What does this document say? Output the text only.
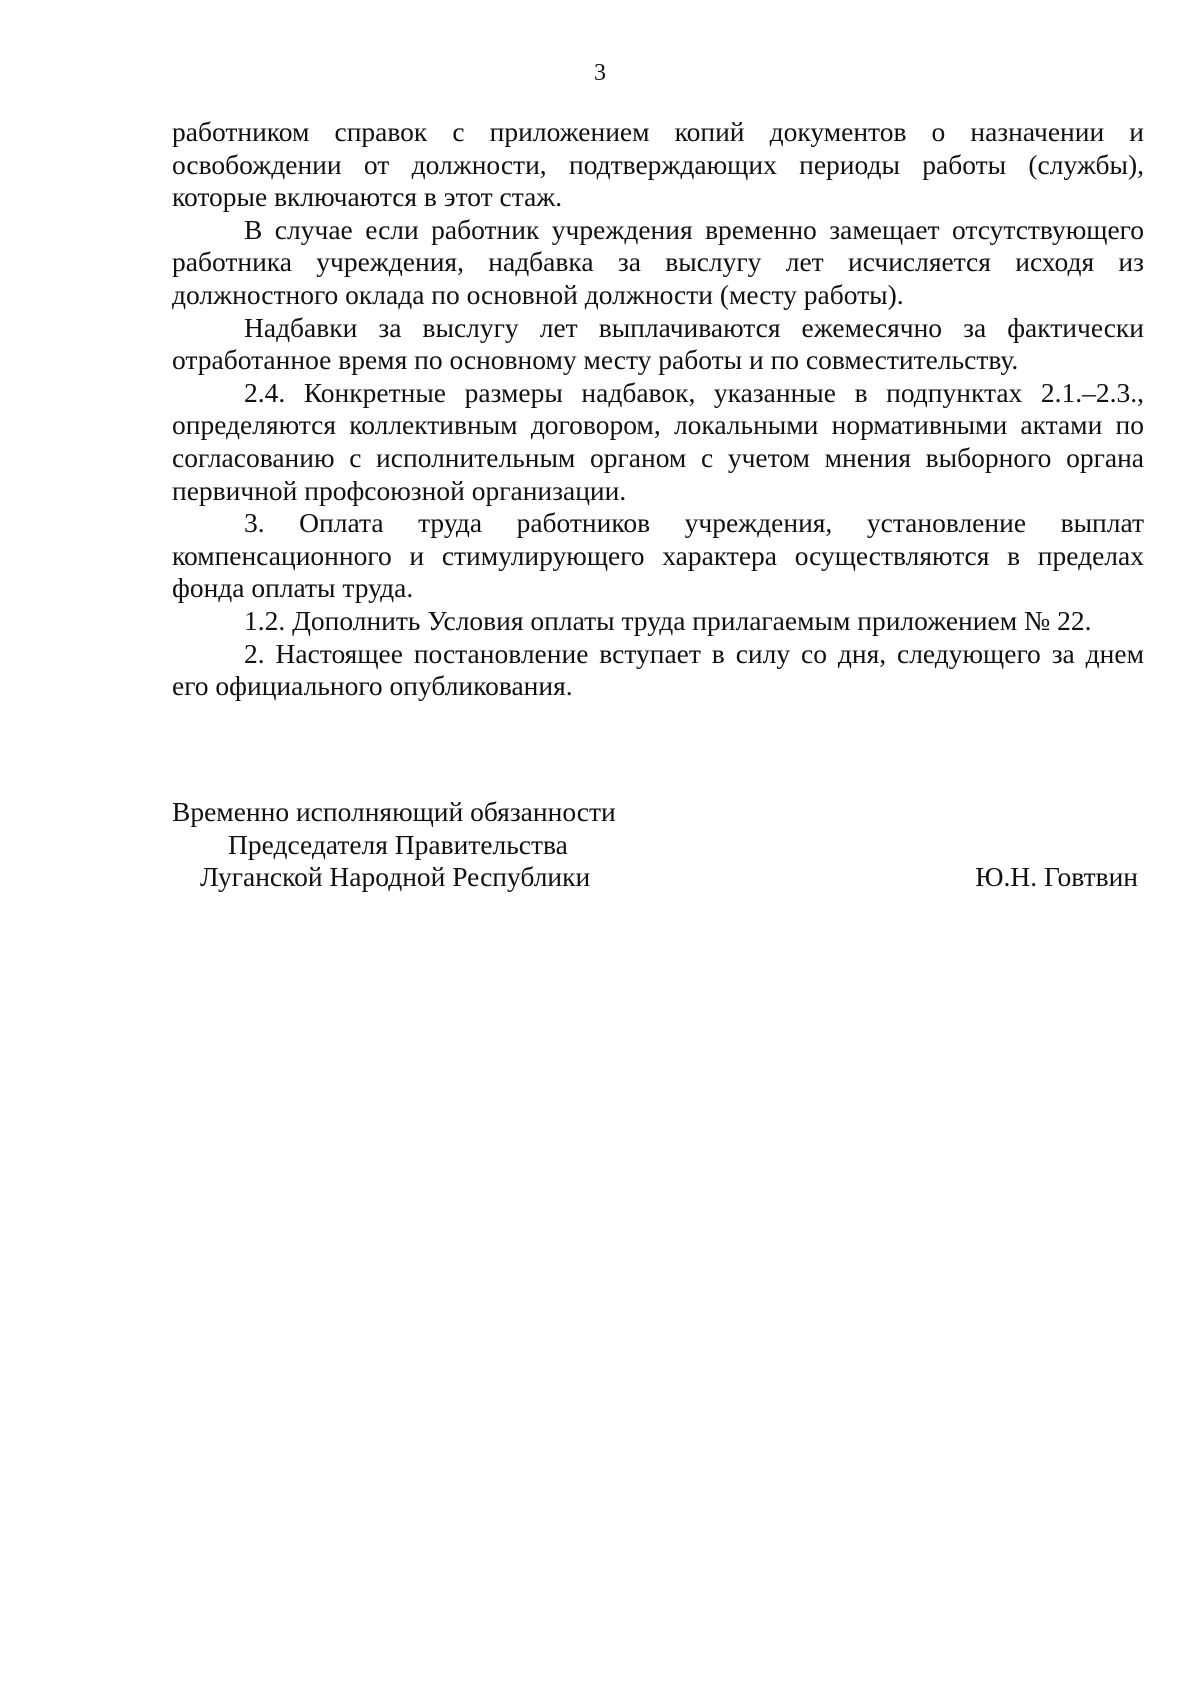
3

работником справок с приложением копий документов о назначении и освобождении от должности, подтверждающих периоды работы (службы), которые включаются в этот стаж.

В случае если работник учреждения временно замещает отсутствующего работника учреждения, надбавка за выслугу лет исчисляется исходя из должностного оклада по основной должности (месту работы).

Надбавки за выслугу лет выплачиваются ежемесячно за фактически отработанное время по основному месту работы и по совместительству.

2.4. Конкретные размеры надбавок, указанные в подпунктах 2.1.–2.3., определяются коллективным договором, локальными нормативными актами по согласованию с исполнительным органом с учетом мнения выборного органа первичной профсоюзной организации.

3. Оплата труда работников учреждения, установление выплат компенсационного и стимулирующего характера осуществляются в пределах фонда оплаты труда.

1.2. Дополнить Условия оплаты труда прилагаемым приложением № 22.

2. Настоящее постановление вступает в силу со дня, следующего за днем его официального опубликования.

Временно исполняющий обязанности
Председателя Правительства
Луганской Народной Республики	Ю.Н. Говтвин
